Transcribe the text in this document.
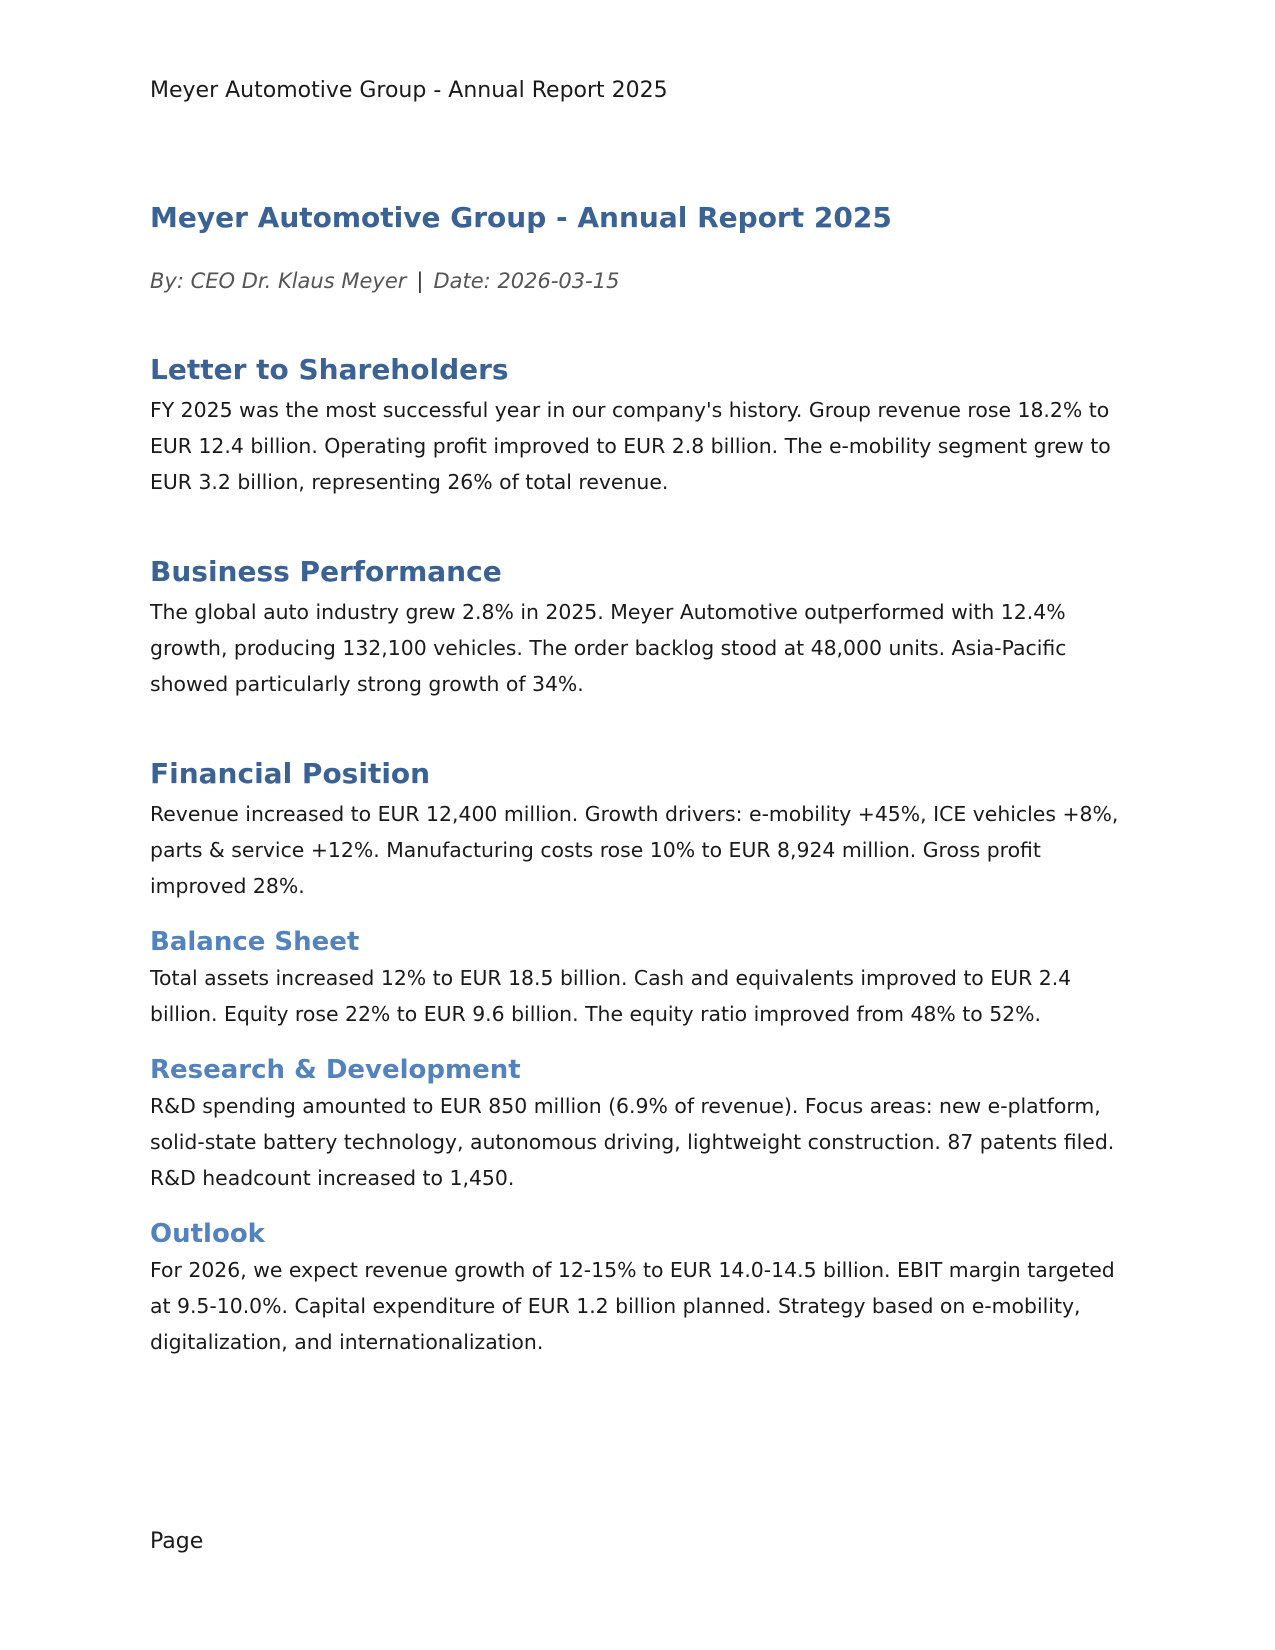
Meyer Automotive Group - Annual Report 2025
Meyer Automotive Group - Annual Report 2025
By: CEO Dr. Klaus Meyer | Date: 2026-03-15
Letter to Shareholders

FY 2025 was the most successful year in our company's history. Group revenue rose 18.2% to EUR 12.4 billion. Operating profit improved to EUR 2.8 billion. The e-mobility segment grew to EUR 3.2 billion, representing 26% of total revenue.

Business Performance

The global auto industry grew 2.8% in 2025. Meyer Automotive outperformed with 12.4% growth, producing 132,100 vehicles. The order backlog stood at 48,000 units. Asia-Pacific showed particularly strong growth of 34%.

Financial Position

Revenue increased to EUR 12,400 million. Growth drivers: e-mobility +45%, ICE vehicles +8%, parts & service +12%. Manufacturing costs rose 10% to EUR 8,924 million. Gross profit improved 28%.

Balance Sheet

Total assets increased 12% to EUR 18.5 billion. Cash and equivalents improved to EUR 2.4 billion. Equity rose 22% to EUR 9.6 billion. The equity ratio improved from 48% to 52%.

Research & Development

R&D spending amounted to EUR 850 million (6.9% of revenue). Focus areas: new e-platform, solid-state battery technology, autonomous driving, lightweight construction. 87 patents filed. R&D headcount increased to 1,450.

Outlook

For 2026, we expect revenue growth of 12-15% to EUR 14.0-14.5 billion. EBIT margin targeted at 9.5-10.0%. Capital expenditure of EUR 1.2 billion planned. Strategy based on e-mobility, digitalization, and internationalization.

Page
